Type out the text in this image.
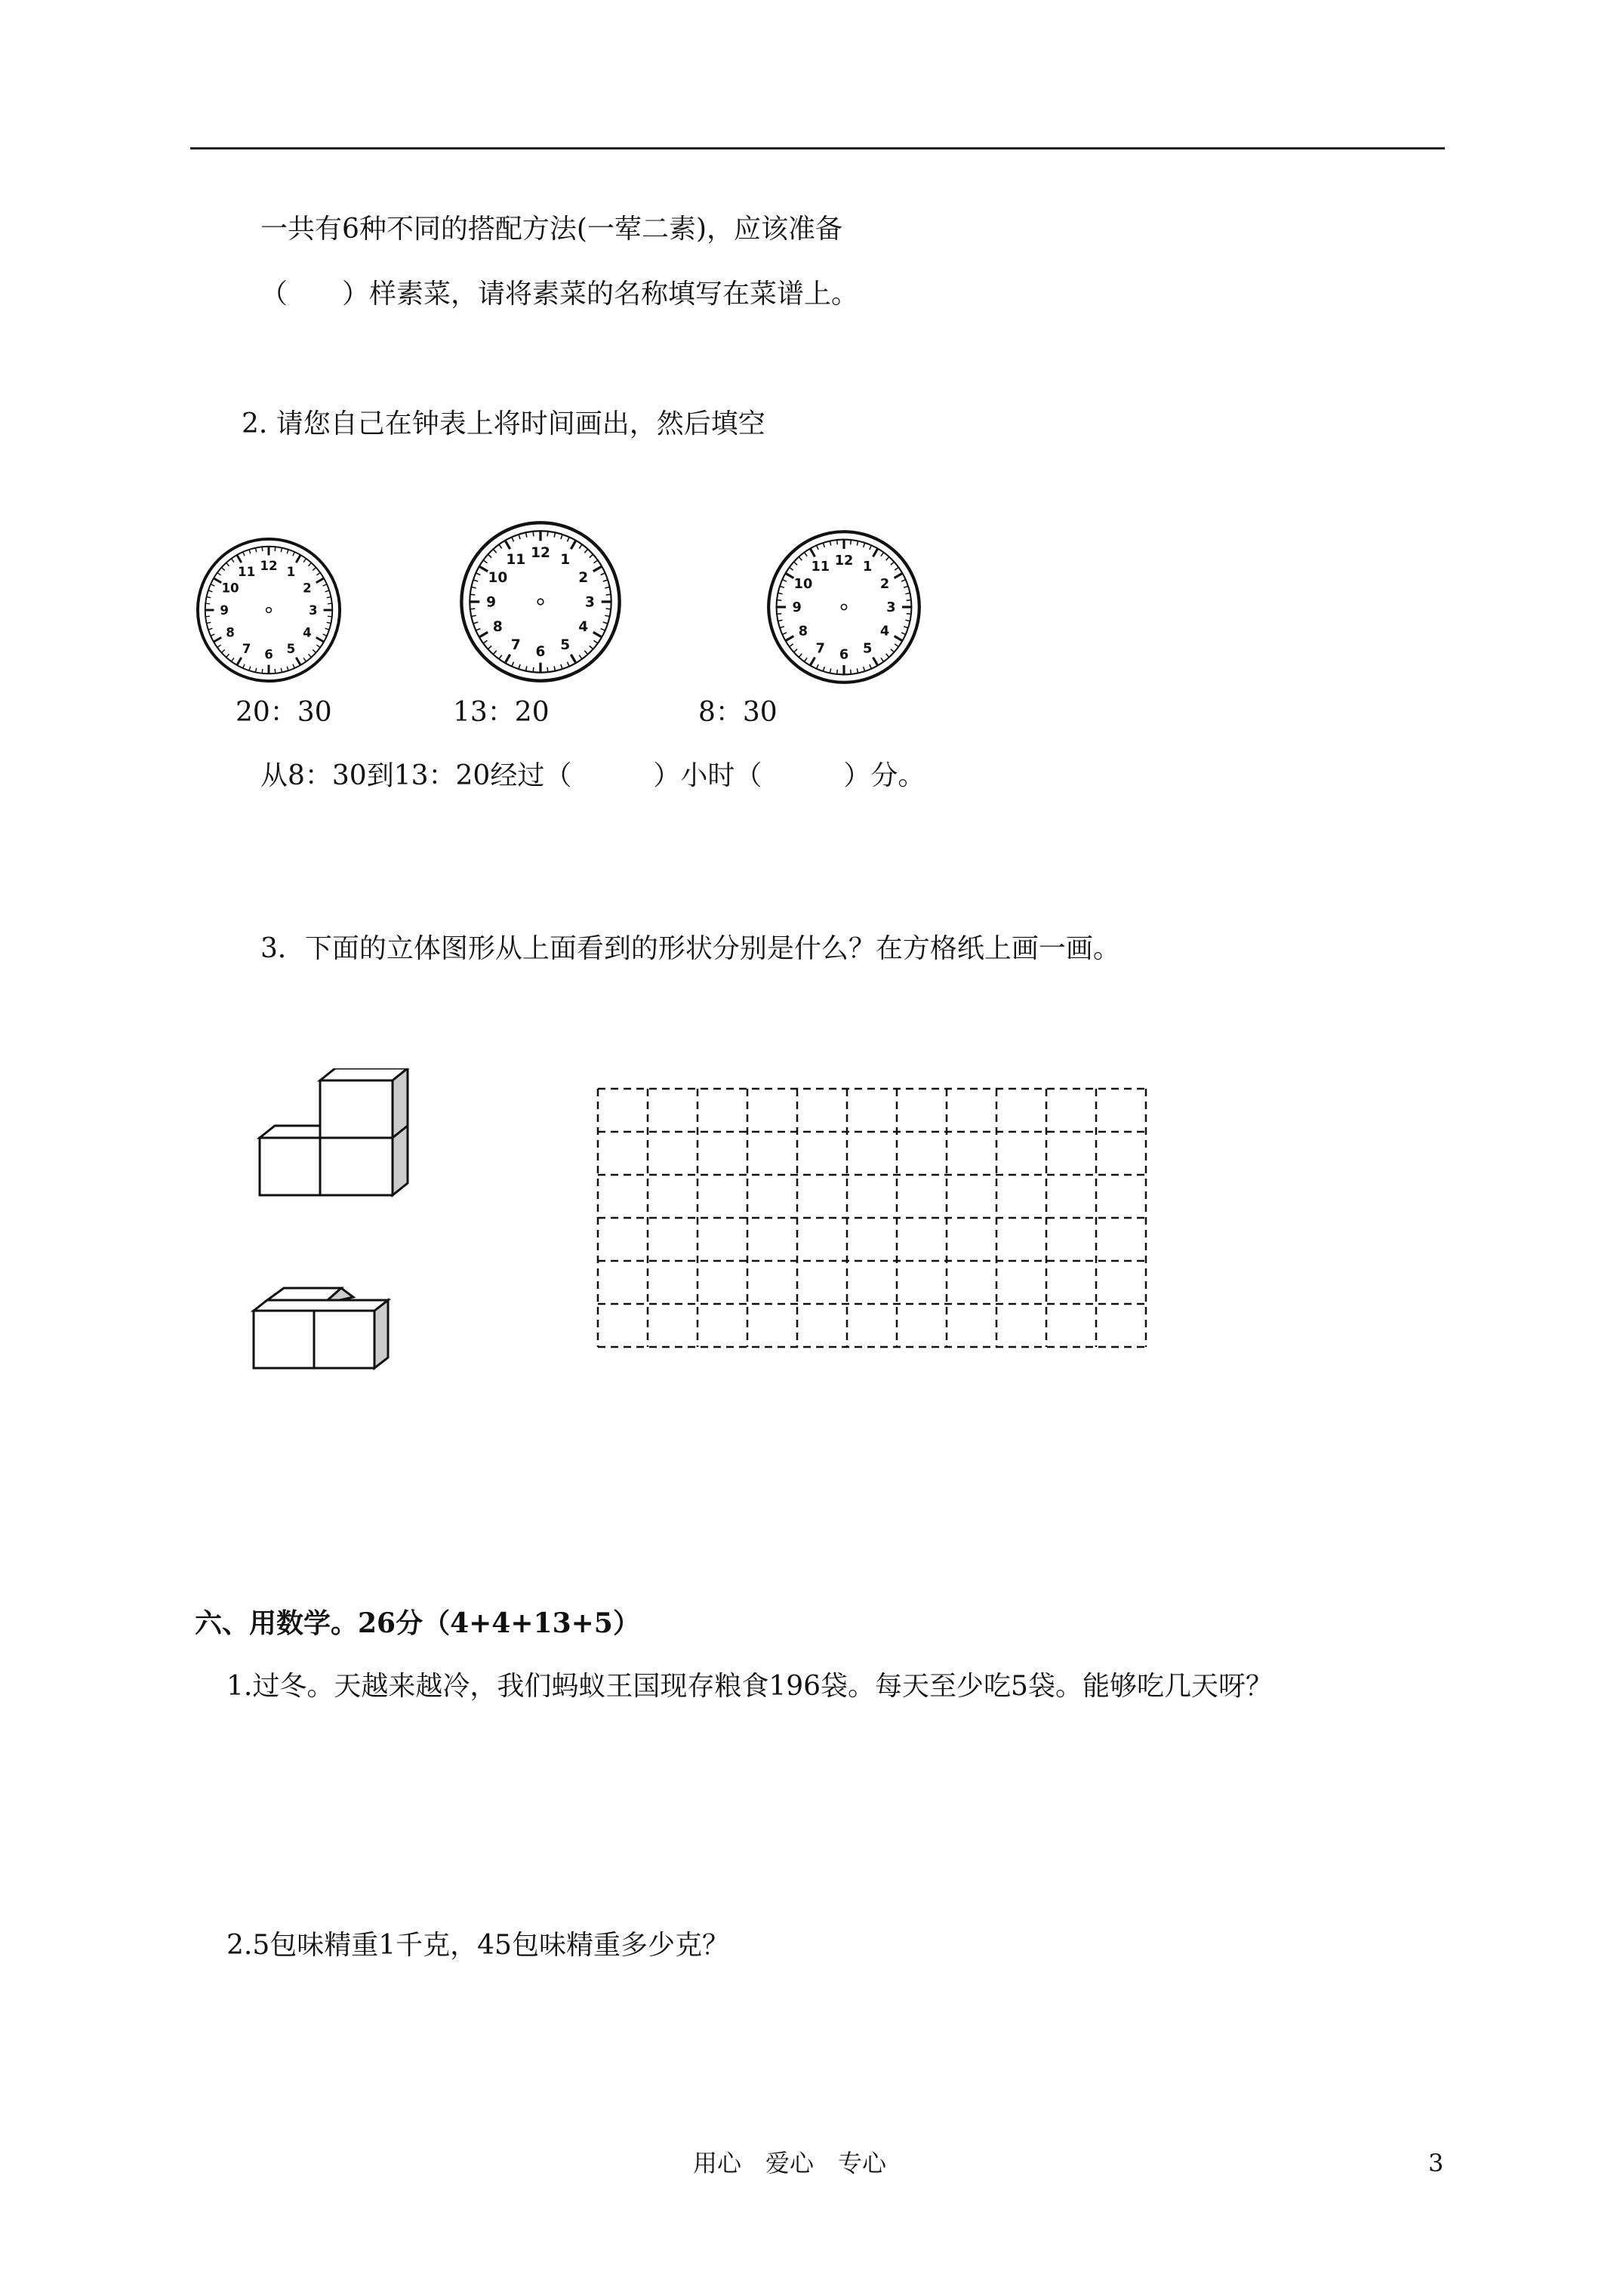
一共有6种不同的搭配方法(一荤二素)，应该准备
（　　）样素菜，请将素菜的名称填写在菜谱上。
2. 请您自己在钟表上将时间画出，然后填空
12 1
2
3
4
5
6
7
8
9
10
11
12 1
2
3
4
5
6
7
8
9
10
11	12 1
2
3
4
5
6
7
8
9
10
11
20：30	13：20	8：30
从8：30到13：20经过（　　　）小时（　　　）分。
3．下面的立体图形从上面看到的形状分别是什么？在方格纸上画一画。
六、用数学。26分（4+4+13+5）
1.过冬。天越来越冷，我们蚂蚁王国现存粮食196袋。每天至少吃5袋。能够吃几天呀？
2.5包味精重1千克，45包味精重多少克？
用心　爱心　专心	3
